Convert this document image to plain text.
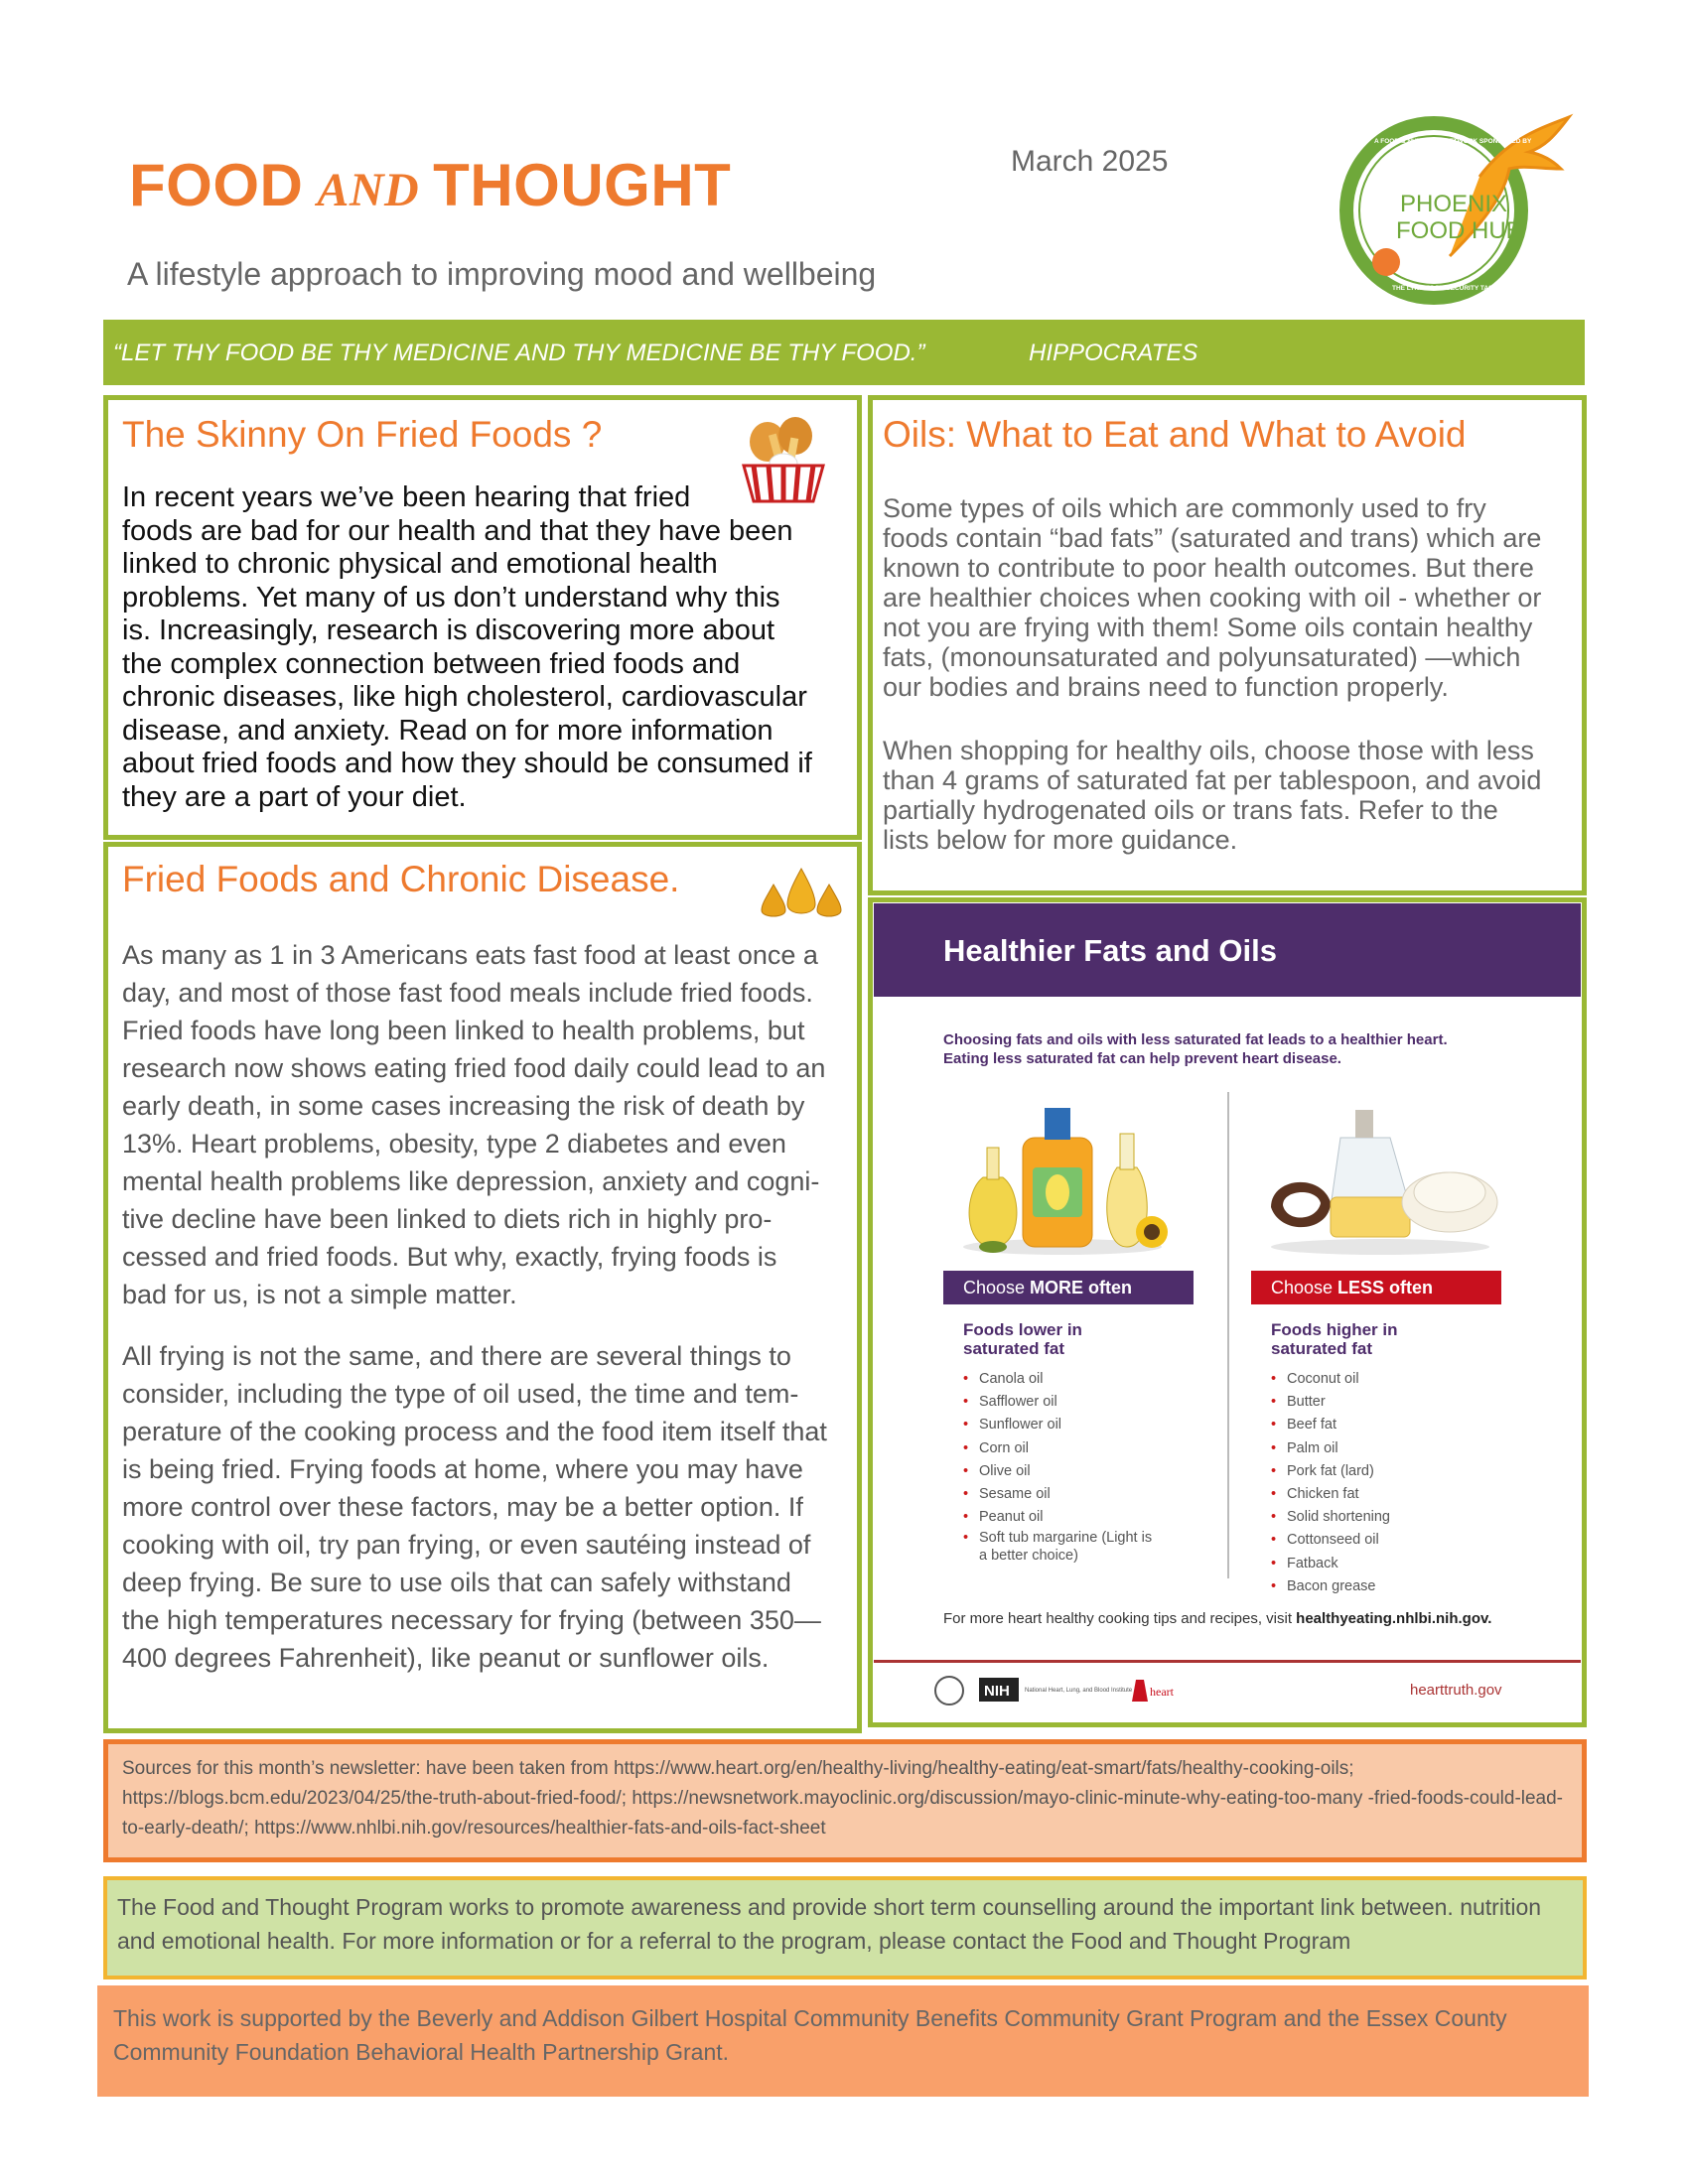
FOOD AND THOUGHT	March 2025
A lifestyle approach to improving mood and wellbeing
PHOENIX
FOOD HUB
A FOOD & NUTRITION NETWORK SPONSORED BY
THE LYNN FOOD SECURITY TASK FORCE
“LET THY FOOD BE THY MEDICINE AND THY MEDICINE BE THY FOOD.”	HIPPOCRATES
The Skinny On Fried Foods ?
In recent years we’ve been hearing that fried
foods are bad for our health and that they have been
linked to chronic physical and emotional health
problems. Yet many of us don’t understand why this
is. Increasingly, research is discovering more about
the complex connection between fried foods and
chronic diseases, like high cholesterol, cardiovascular
disease, and anxiety. Read on for more information
about fried foods and how they should be consumed if
they are a part of your diet.
Fried Foods and Chronic Disease.
As many as 1 in 3 Americans eats fast food at least once a
day, and most of those fast food meals include fried foods.
Fried foods have long been linked to health problems, but
research now shows eating fried food daily could lead to an
early death, in some cases increasing the risk of death by
13%. Heart problems, obesity, type 2 diabetes and even
mental health problems like depression, anxiety and cogni-
tive decline have been linked to diets rich in highly pro-
cessed and fried foods. But why, exactly, frying foods is
bad for us, is not a simple matter.
All frying is not the same, and there are several things to
consider, including the type of oil used, the time and tem-
perature of the cooking process and the food item itself that
is being fried. Frying foods at home, where you may have
more control over these factors, may be a better option. If
cooking with oil, try pan frying, or even sautéing instead of
deep frying. Be sure to use oils that can safely withstand
the high temperatures necessary for frying (between 350—
400 degrees Fahrenheit), like peanut or sunflower oils.
Oils: What to Eat and What to Avoid
Some types of oils which are commonly used to fry
foods contain “bad fats” (saturated and trans) which are
known to contribute to poor health outcomes. But there
are healthier choices when cooking with oil - whether or
not you are frying with them! Some oils contain healthy
fats, (monounsaturated and polyunsaturated) —which
our bodies and brains need to function properly.
When shopping for healthy oils, choose those with less
than 4 grams of saturated fat per tablespoon, and avoid
partially hydrogenated oils or trans fats. Refer to the
lists below for more guidance.
Healthier Fats and Oils
Choosing fats and oils with less saturated fat leads to a healthier heart.
Eating less saturated fat can help prevent heart disease.
Choose MORE often	Choose LESS often
Foods lower in saturated fat
Foods higher in saturated fat
• Canola oil
• Safflower oil
• Sunflower oil
• Corn oil
• Olive oil
• Sesame oil
• Peanut oil
• Soft tub margarine (Light is a better choice)
• Coconut oil
• Butter
• Beef fat
• Palm oil
• Pork fat (lard)
• Chicken fat
• Solid shortening
• Cottonseed oil
• Fatback
• Bacon grease
For more heart healthy cooking tips and recipes, visit healthyeating.nhlbi.nih.gov.
NIH	National Heart, Lung, and Blood Institute heart	hearttruth.gov

Sources for this month’s newsletter: have been taken from https://www.heart.org/en/healthy-living/healthy-eating/eat-smart/fats/healthy-cooking-oils; https://blogs.bcm.edu/2023/04/25/the-truth-about-fried-food/; https://newsnetwork.mayoclinic.org/discussion/mayo-clinic-minute-why-eating-too-many -fried-foods-could-lead-to-early-death/; https://www.nhlbi.nih.gov/resources/healthier-fats-and-oils-fact-sheet

The Food and Thought Program works to promote awareness and provide short term counselling around the important link between. nutrition and emotional health. For more information or for a referral to the program, please contact the Food and Thought Program

This work is supported by the Beverly and Addison Gilbert Hospital Community Benefits Community Grant Program and the Essex County Community Foundation Behavioral Health Partnership Grant.
